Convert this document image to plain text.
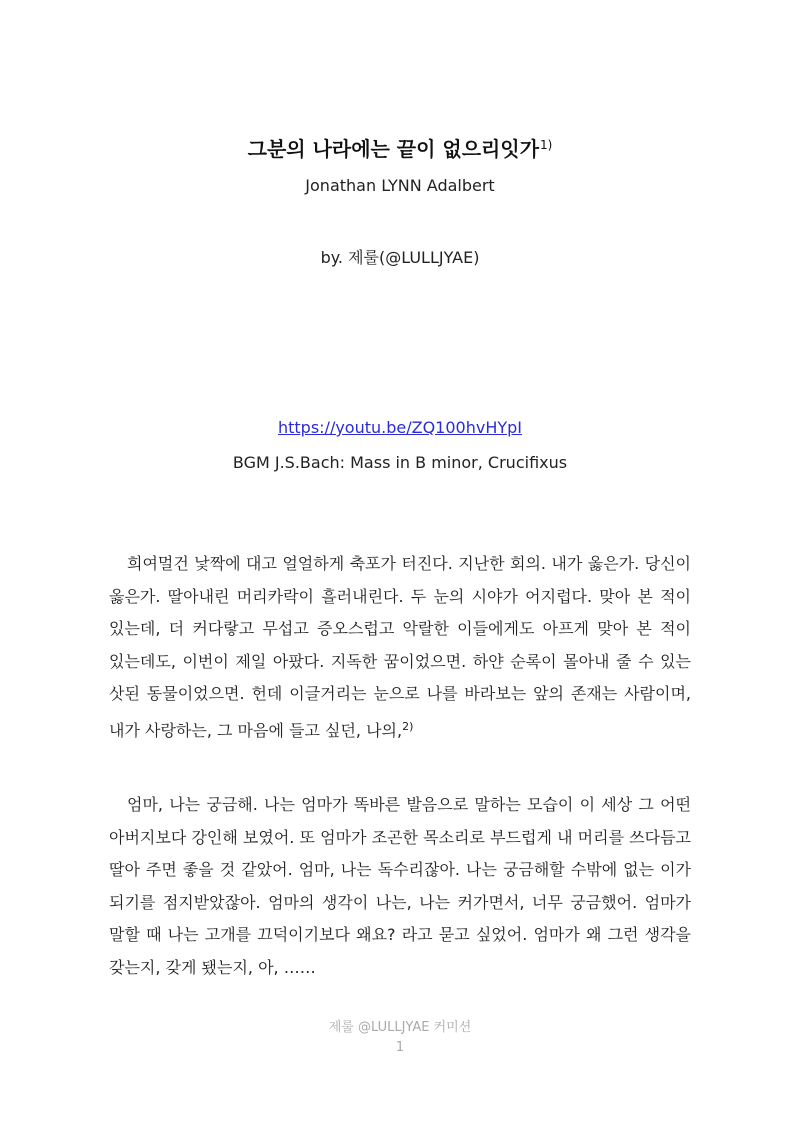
그분의 나라에는 끝이 없으리잇가$^{1)}$
Jonathan LYNN Adalbert
by. 제룰(@LULLJYAE)
https://youtu.be/ZQ100hvHYpI
BGM J.S.Bach: Mass in B minor, Crucifixus
희여멀건 낯짝에 대고 얼얼하게 축포가 터진다. 지난한 회의. 내가 옳은가. 당신이 옳은가. 딸아내린 머리카락이 흘러내린다. 두 눈의 시야가 어지럽다. 맞아 본 적이 있는데, 더 커다랗고 무섭고 증오스럽고 악랄한 이들에게도 아프게 맞아 본 적이 있는데도, 이번이 제일 아팠다. 지독한 꿈이었으면. 하얀 순록이 몰아내 줄 수 있는 삿된 동물이었으면. 헌데 이글거리는 눈으로 나를 바라보는 앞의 존재는 사람이며, 내가 사랑하는, 그 마음에 들고 싶던, 나의,$^{2)}$
엄마, 나는 궁금해. 나는 엄마가 똑바른 발음으로 말하는 모습이 이 세상 그 어떤 아버지보다 강인해 보였어. 또 엄마가 조곤한 목소리로 부드럽게 내 머리를 쓰다듬고 딸아 주면 좋을 것 같았어. 엄마, 나는 독수리잖아. 나는 궁금해할 수밖에 없는 이가 되기를 점지받았잖아. 엄마의 생각이 나는, 나는 커가면서, 너무 궁금했어. 엄마가 말할 때 나는 고개를 끄덕이기보다 왜요? 라고 묻고 싶었어. 엄마가 왜 그런 생각을 갖는지, 갖게 됐는지, 아, ……
제룰 @LULLJYAE 커미션
1
